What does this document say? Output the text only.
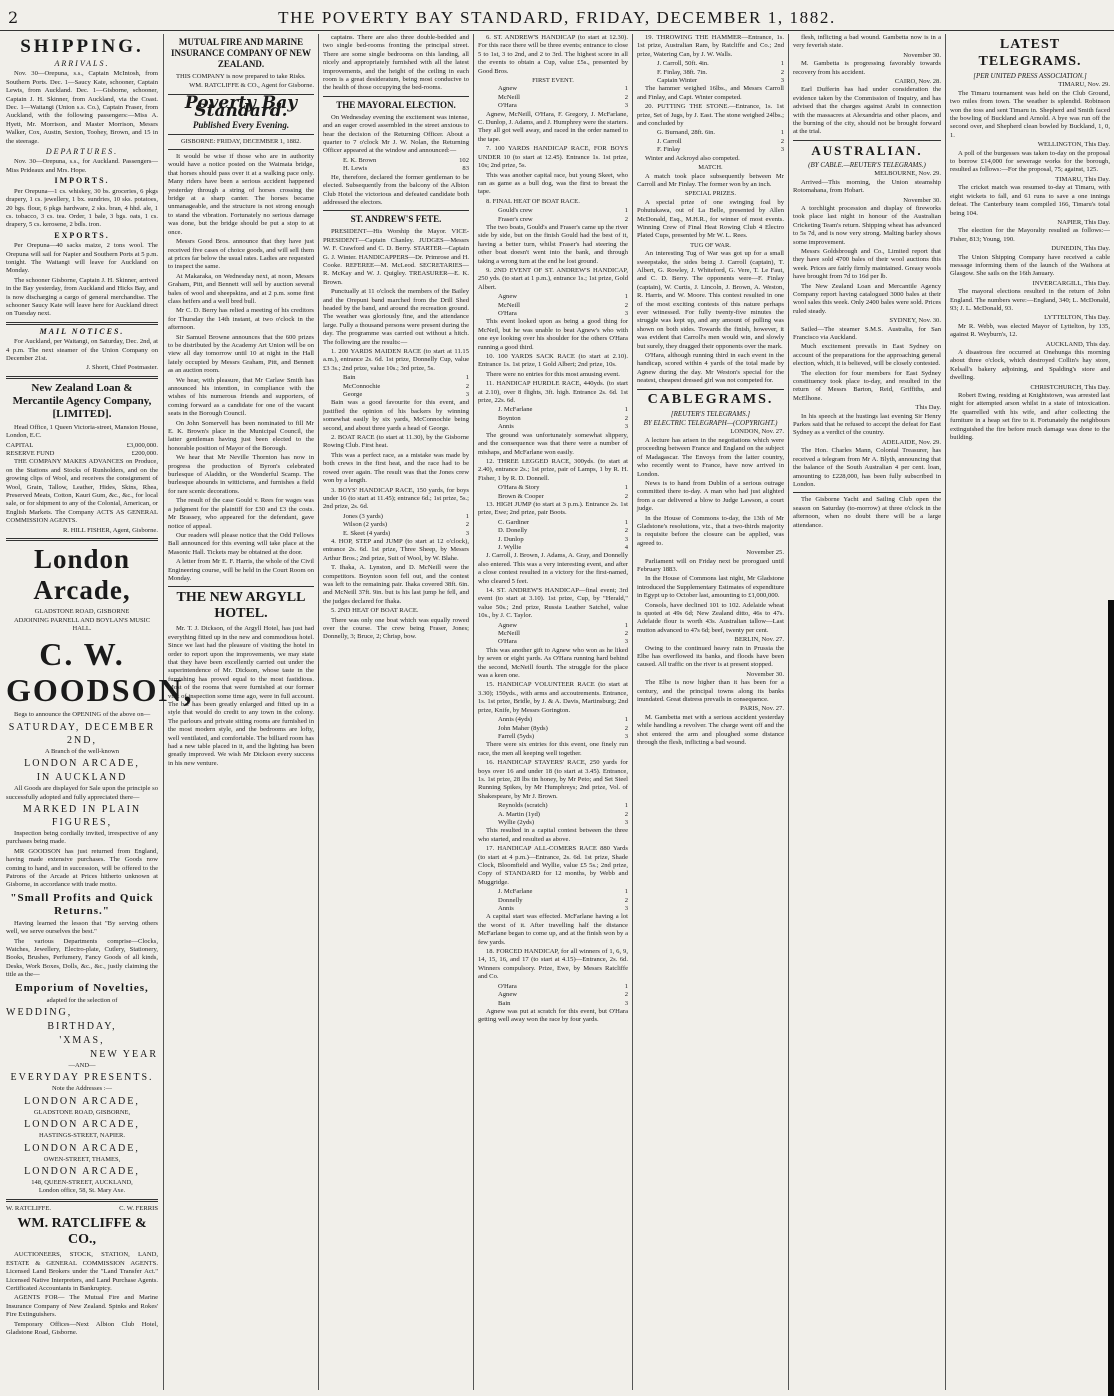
2	THE POVERTY BAY STANDARD, FRIDAY, DECEMBER 1, 1882.
SHIPPING.
ARRIVALS.

Nov. 30—Orepuna, s.s., Captain McIntosh, from Southern Ports. Dec. 1—Saucy Kate, schooner, Captain Lewis, from Auckland. Dec. 1—Gisborne, schooner, Captain J. H. Skinner, from Auckland, via the Coast. Dec. 1—Waitangi (Union s.s. Co.), Captain Fraser, from Auckland, with the following passengers:—Miss A. Hyett, Mr. Morrison, and Master Morrison, Messrs Walker, Cox, Austin, Sexton, Toohey, Brown, and 15 in the steerage.

DEPARTURES.

Nov. 30—Orepuna, s.s., for Auckland. Passengers—Miss Prideaux and Mrs. Hope.

IMPORTS.

Per Orepuna—1 cs. whiskey, 30 bs. groceries, 6 pkgs drapery, 1 cs. jewellery, 1 bx. sundries, 10 sks. potatoes, 20 bgs. flour, 6 pkgs hardware, 2 sks. bran, 4 hhd. ale, 1 cs. tobacco, 3 cs. tea. Order, 1 bale, 3 bgs. oats, 1 cs. drapery, 5 cs. kerosene, 2 bdls. iron.

EXPORTS.

Per Orepuna—40 sacks maize, 2 tons wool. The Orepuna will sail for Napier and Southern Ports at 5 p.m. tonight. The Waitangi will leave for Auckland on Monday.

The schooner Gisborne, Captain J. H. Skinner, arrived in the Bay yesterday, from Auckland and Hicks Bay, and is now discharging a cargo of general merchandise. The schooner Saucy Kate will leave here for Auckland direct on Tuesday next.

MAIL NOTICES.

For Auckland, per Waitangi, on Saturday, Dec. 2nd, at 4 p.m. The next steamer of the Union Company on December 21st.

J. Shortt, Chief Postmaster.
New Zealand Loan & Mercantile Agency Company, [LIMITED].

Head Office, 1 Queen Victoria-street, Mansion House, London, E.C.

CAPITAL	£3,000,000.
RESERVE FUND	£200,000.

THE COMPANY MAKES ADVANCES on Produce, on the Stations and Stocks of Runholders, and on the growing clips of Wool, and receives the consignment of Wool, Grain, Tallow, Leather, Hides, Skins, Rhea, Preserved Meats, Cotton, Kauri Gum, &c., &c., for local sale, or for shipment to any of the Colonial, American, or English Markets. The Company ACTS AS GENERAL COMMISSION AGENTS.

R. HILL FISHER, Agent, Gisborne.
London Arcade,
GLADSTONE ROAD, GISBORNE
ADJOINING PARNELL AND BOYLAN'S MUSIC HALL.
C. W. GOODSON,

Begs to announce the OPENING of the above on—

SATURDAY, DECEMBER 2ND,
A Branch of the well-known
LONDON ARCADE,
IN AUCKLAND

All Goods are displayed for Sale upon the principle so successfully adopted and fully appreciated there—

MARKED IN PLAIN FIGURES,

Inspection being cordially invited, irrespective of any purchases being made.

MR GOODSON has just returned from England, having made extensive purchases. The Goods now coming to hand, and in succession, will be offered to the Patrons of the Arcade at Prices hitherto unknown at Gisborne, in accordance with trade motto.

"Small Profits and Quick Returns."

Having learned the lesson that "By serving others well, we serve ourselves the best."

The various Departments comprise—Clocks, Watches, Jewellery, Electro-plate, Cutlery, Stationery, Books, Brushes, Perfumery, Fancy Goods of all kinds, Desks, Work Boxes, Dolls, &c., &c., justly claiming the title as the—

Emporium of Novelties,
adapted for the selection of
WEDDING,
BIRTHDAY,
'XMAS,
NEW YEAR
—AND—
EVERYDAY PRESENTS.
Note the Addresses :—
LONDON ARCADE,
GLADSTONE ROAD, GISBORNE,
LONDON ARCADE,
HASTINGS-STREET, NAPIER.
LONDON ARCADE,
OWEN-STREET, THAMES,
LONDON ARCADE,
148, QUEEN-STREET, AUCKLAND,
London office, 58, St. Mary Axe.
W. RATCLIFFE.	C. W. FERRIS
WM. RATCLIFFE & CO.,

AUCTIONEERS, STOCK, STATION, LAND, ESTATE & GENERAL COMMISSION AGENTS. Licensed Land Brokers under the "Land Transfer Act." Licensed Native Interpreters, and Land Purchase Agents. Certificated Accountants in Bankruptcy.

AGENTS FOR— The Mutual Fire and Marine Insurance Company of New Zealand. Spinks and Rokes' Fire Extinguishers.

Temporary Offices—Next Albion Club Hotel, Gladstone Road, Gisborne.

MUTUAL FIRE AND MARINE INSURANCE COMPANY OF NEW ZEALAND.

THIS COMPANY is now prepared to take Risks.

WM. RATCLIFFE & CO., Agent for Gisborne.
Poverty Bay Standard.
Published Every Evening.
GISBORNE: FRIDAY, DECEMBER 1, 1882.

It would be wise if those who are in authority would have a notice posted on the Waimata bridge, that horses should pass over it at a walking pace only. Many riders have been a serious accident happened yesterday through a string of horses crossing the bridge at a sharp canter. The horses became unmanageable, and the structure is not strong enough to stand the vibration. Fortunately no serious damage was done, but the bridge should be put a stop to at once.

Messrs Good Bros. announce that they have just received five cases of choice goods, and will sell them at prices far below the usual rates. Ladies are requested to inspect the same.

At Makaraka, on Wednesday next, at noon, Messrs Graham, Pitt, and Bennett will sell by auction several bales of wool and sheepskins, and at 2 p.m. some first class heifers and a well bred bull.

Mr C. D. Berry has relied a meeting of his creditors for Thursday the 14th instant, at two o'clock in the afternoon.

Sir Samuel Browne announces that the 600 prizes to be distributed by the Academy Art Union will be on view all day tomorrow until 10 at night in the Hall lately occupied by Messrs Graham, Pitt, and Bennett as an auction room.

We hear, with pleasure, that Mr Carlaw Smith has announced his intention, in compliance with the wishes of his numerous friends and supporters, of coming forward as a candidate for one of the vacant seats in the Borough Council.

On John Somervell has been nominated to fill Mr E. K. Brown's place in the Municipal Council, the latter gentleman having just been elected to the honorable position of Mayor of the Borough.

We hear that Mr Neville Thornton has now in progress the production of Byron's celebrated burlesque of Aladdin, or the Wonderful Scamp. The burlesque abounds in witticisms, and furnishes a field for rare scenic decorations.

The result of the case Gould v. Rees for wages was a judgment for the plaintiff for £30 and £3 the costs. Mr Brassey, who appeared for the defendant, gave notice of appeal.

Our readers will please notice that the Odd Fellows Ball announced for this evening will take place at the Masonic Hall. Tickets may be obtained at the door.

A letter from Mr E. F. Harris, the whole of the Civil Engineering course, will be held in the Court Room on Monday.

THE NEW ARGYLL HOTEL.

Mr. T. J. Dickson, of the Argyll Hotel, has just had everything fitted up in the new and commodious hotel. Since we last had the pleasure of visiting the hotel in order to report upon the improvements, we may state that they have been excellently carried out under the superintendence of Mr. Dickson, whose taste in the furnishing has proved equal to the most fastidious. Most of the rooms that were furnished at our former visit of inspection some time ago, were in full account. The bar has been greatly enlarged and fitted up in a style that would do credit to any town in the colony. The parlours and private sitting rooms are furnished in the most modern style, and the bedrooms are lofty, well ventilated, and comfortable. The billiard room has had a new table placed in it, and the lighting has been greatly improved. We wish Mr Dickson every success in his new venture.

captains. There are also three double-bedded and two single bed-rooms fronting the principal street. There are some single bedrooms on this landing, all nicely and appropriately furnished with all the latest improvements, and the height of the ceiling in each room is a great desideratum, being most conducive to the health of those occupying the bed-rooms.

THE MAYORAL ELECTION.

On Wednesday evening the excitement was intense, and an eager crowd assembled in the street anxious to hear the decision of the Returning Officer. About a quarter to 7 o'clock Mr J. W. Nolan, the Returning Officer appeared at the window and announced:—

E. K. Brown	102
H. Lewis	83

He, therefore, declared the former gentleman to be elected. Subsequently from the balcony of the Albion Club Hotel the victorious and defeated candidate both addressed the electors.

ST. ANDREW'S FETE.

PRESIDENT—His Worship the Mayor. VICE-PRESIDENT—Captain Chanley. JUDGES—Messrs W. F. Crawford and C. D. Berry. STARTER—Captain G. J. Winter. HANDICAPPERS—Dr. Primrose and H. Cooke. REFEREE—M. McLeod. SECRETARIES—R. McKay and W. J. Quigley. TREASURER—E. K. Brown.

Punctually at 11 o'clock the members of the Bailey and the Orepuni band marched from the Drill Shed headed by the band, and around the recreation ground. The weather was gloriously fine, and the attendance large. Fully a thousand persons were present during the day. The programme was carried out without a hitch. The following are the results:—

1. 200 YARDS MAIDEN RACE (to start at 11.15 a.m.), entrance 2s. 6d. 1st prize, Donnelly Cup, value £3 3s.; 2nd prize, value 10s.; 3rd prize, 5s.

Bain	1
McConnochie	2
George	3

Bain was a good favourite for this event, and justified the opinion of his backers by winning somewhat easily by six yards, McConnochie being second, and about three yards a head of George.

2. BOAT RACE (to start at 11.30), by the Gisborne Rowing Club. First heat.

This was a perfect race, as a mistake was made by both crews in the first heat, and the race had to be rowed over again. The result was that the Jones crew won by a length.

3. BOYS' HANDICAP RACE, 150 yards, for boys under 16 (to start at 11.45); entrance 6d.; 1st prize, 5s.; 2nd prize, 2s. 6d.

Jones (3 yards)	1
Wilson (2 yards)	2
E. Skeet (4 yards)	3

4. HOP, STEP and JUMP (to start at 12 o'clock), entrance 2s. 6d. 1st prize, Three Sheep, by Messrs Arthur Bros.; 2nd prize, Suit of Wool, by W. Blahe.

T. Ihaka, A. Lynston, and D. McNeill were the competitors. Boynton soon fell out, and the contest was left to the remaining pair. Ihaka covered 38ft. 6in. and McNeill 37ft. 9in. but is his last jump he fell, and the judges declared for Ihaka.

5. 2ND HEAT OF BOAT RACE.

There was only one boat which was equally rowed over the course. The crew being Fraser, Jones; Donnelly, 3; Bruce, 2; Chrisp, bow.

6. ST. ANDREW'S HANDICAP (to start at 12.30). For this race there will be three events; entrance to close 5 to 1st, 3 to 2nd, and 2 to 3rd. The highest score in all the events to obtain a Cup, value £5s., presented by Good Bros.

FIRST EVENT.
Agnew	1
McNeill	2
O'Hara	3

Agnew, McNeill, O'Hara, F. Gregory, J. McFarlane, C. Dunlop, J. Adams, and J. Humphrey were the starters. They all got well away, and raced in the order named to the tape.

7. 100 YARDS HANDICAP RACE, FOR BOYS UNDER 10 (to start at 12.45). Entrance 1s. 1st prize, 10s; 2nd prize, 5s.

This was another capital race, but young Skeet, who ran as game as a bull dog, was the first to breast the tape.

8. FINAL HEAT OF BOAT RACE.

Gould's crew	1
Fraser's crew	2

The two boats, Gould's and Fraser's came up the river side by side, but on the finish Gould had the best of it, having a better turn, whilst Fraser's had steering the other boat doesn't went into the bank, and through taking a wrong turn at the end he lost ground.

9. 2ND EVENT OF ST. ANDREW'S HANDICAP, 250 yds. (to start at 1 p.m.), entrance 1s.; 1st prize, Gold Albert.

Agnew	1
McNeill	2
O'Hara	3

This event looked upon as being a good thing for McNeil, but he was unable to beat Agnew's who with one eye looking over his shoulder for the others O'Hara running a good third.

10. 100 YARDS SACK RACE (to start at 2.10). Entrance 1s. 1st prize, 1 Gold Albert; 2nd prize, 10s.

There were no entries for this most amusing event.

11. HANDICAP HURDLE RACE, 440yds. (to start at 2.10), over 8 flights, 3ft. high. Entrance 2s. 6d. 1st prize, 22s. 6d.

J. McFarlane	1
Boynton	2
Annis	3

The ground was unfortunately somewhat slippery, and the consequence was that there were a number of mishaps, and McFarlane won easily.

12. THREE LEGGED RACE, 300yds. (to start at 2.40), entrance 2s.; 1st prize, pair of Lamps, 1 by R. H. Fisher, 1 by R. D. Donnell.

O'Hara & Story	1
Brown & Cooper	2

13. HIGH JUMP (to start at 3 p.m.). Entrance 2s. 1st prize, Ewe; 2nd prize, pair Boots.

C. Gardiner	1
D. Donelly	2
J. Dunlop	3
J. Wyllie	4

J. Carroll, J. Brown, J. Adams, A. Gray, and Donnelly also entered. This was a very interesting event, and after a close contest resulted in a victory for the first-named, who cleared 5 feet.

14. ST. ANDREW'S HANDICAP—final event; 3rd event (to start at 3.10). 1st prize, Cup, by "Herald," value 50s.; 2nd prize, Russia Leather Satchel, value 10s., by J. C. Taylor.

Agnew	1
McNeill	2
O'Hara	3

This was another gift to Agnew who won as he liked by seven or eight yards. As O'Hara running hard behind the second, McNeill fourth. The struggle for the place was a keen one.

15. HANDICAP VOLUNTEER RACE (to start at 3.30); 150yds., with arms and accoutrements. Entrance, 1s. 1st prize, Bridle, by J. & A. Davis, Martinsburg; 2nd prize, Knife, by Messrs Gorington.

Annis (4yds)	1
John Maher (8yds)	2
Farrell (5yds)	3

There were six entries for this event, one finely run race, the men all keeping well together.

16. HANDICAP STAYERS' RACE, 250 yards for boys over 16 and under 18 (to start at 3.45). Entrance, 1s. 1st prize, 28 lbs tin honey, by Mr Peto; and Set Steel Running Spikes, by Mr Humphreys; 2nd prize, Vol. of Shakespeare, by Mr J. Brown.

Reynolds (scratch)	1
A. Martin (1yd)	2
Wyllie (2yds)	3

This resulted in a capital contest between the three who started, and resulted as above.

17. HANDICAP ALL-COMERS RACE 880 Yards (to start at 4 p.m.)—Entrance, 2s. 6d. 1st prize, Shade Clock, Bloomfield and Wyllie, value £5 5s.; 2nd prize, Copy of STANDARD for 12 months, by Webb and Muggridge.

J. McFarlane	1
Donnelly	2
Annis	3

A capital start was effected. McFarlane having a lot the worst of it. After travelling half the distance McFarlane began to come up, and at the finish won by a few yards.

18. FORCED HANDICAP, for all winners of 1, 6, 9, 14, 15, 16, and 17 (to start at 4.15)—Entrance, 2s. 6d. Winners compulsory. Prize, Ewe, by Messrs Ratcliffe and Co.

O'Hara	1
Agnew	2
Bain	3

Agnew was put at scratch for this event, but O'Hara getting well away won the race by four yards.

19. THROWING THE HAMMER—Entrance, 1s. 1st prize, Australian Ram, by Ratcliffe and Co.; 2nd prize, Watering Can, by J. W. Walls.

J. Carroll, 50ft. 4in.	1
F. Finlay, 38ft. 7in.	2
Captain Winter	3

The hammer weighed 16lbs., and Messrs Carroll and Finlay, and Capt. Winter competed.

20. PUTTING THE STONE.—Entrance, 1s. 1st prize, Set of Jugs, by J. East. The stone weighed 24lbs.; and concluded by

G. Burnand, 28ft. 6in.	1
J. Carroll	2
F. Finlay	3

Winter and Ackroyd also competed.

MATCH.

A match took place subsequently between Mr Carroll and Mr Finlay. The former won by an inch.

SPECIAL PRIZES.

A special prize of one swinging foal by Pohutukawa, out of La Belle, presented by Allen McDonald, Esq., M.H.R., for winner of most events. Winning Crew of Final Heat Rowing Club 4 Electro Plated Cups, presented by Mr W. L. Rees.

TUG OF WAR.

An interesting Tug of War was got up for a small sweepstake, the sides being J. Carroll (captain), T. Albert, G. Rowley, J. Whiteford, G. Vere, T. Le Faut, and C. D. Berry. The opponents were—F. Finlay (captain), W. Curtis, J. Lincoln, J. Brown, A. Weston, R. Harris, and W. Moore. This contest resulted in one of the most exciting contests of this nature perhaps ever witnessed. For fully twenty-five minutes the struggle was kept up, and any amount of pulling was shown on both sides. Towards the finish, however, it was evident that Carroll's men would win, and slowly but surely, they dragged their opponents over the mark.

O'Hara, although running third in each event in the handicap, scored within 4 yards of the total made by Agnew during the day. Mr Weston's special for the neatest, cheapest dressed girl was not competed for.

CABLEGRAMS.
[REUTER'S TELEGRAMS.]
BY ELECTRIC TELEGRAPH—(COPYRIGHT.)
LONDON, Nov. 27.

A lecture has arisen in the negotiations which were proceeding between France and England on the subject of Madagascar. The Envoys from the latter country, who recently went to France, have now arrived in London.

News is to hand from Dublin of a serious outrage committed there to-day. A man who had just alighted from a car delivered a blow to Judge Lawson, a court judge.

In the House of Commons to-day, the 13th of Mr Gladstone's resolutions, viz., that a two-thirds majority is requisite before the closure can be applied, was agreed to.

November 25.

Parliament will on Friday next be prorogued until February 1883.

In the House of Commons last night, Mr Gladstone introduced the Supplementary Estimates of expenditure in Egypt up to October last, amounting to £1,000,000.

Consols, have declined 101 to 102. Adelaide wheat is quoted at 49s 6d; New Zealand ditto, 46s to 47s. Adelaide flour is worth 43s. Australian tallow—Last mutton advanced to 47s 6d; beef, twenty per cent.

BERLIN, Nov. 27.

Owing to the continued heavy rain in Prussia the Elbe has overflowed its banks, and floods have been caused. All traffic on the river is at present stopped.

November 30.

The Elbe is now higher than it has been for a century, and the principal towns along its banks inundated. Great distress prevails in consequence.

PARIS, Nov. 27.

M. Gambetta met with a serious accident yesterday while handling a revolver. The charge went off and the shot entered the arm and ploughed some distance through the flesh, inflicting a bad wound.

flesh, inflicting a bad wound. Gambetta now is in a very feverish state.

November 30.

M. Gambetta is progressing favorably towards recovery from his accident.

CAIRO, Nov. 28.

Earl Dufferin has had under consideration the evidence taken by the Commission of Inquiry, and has advised that the charges against Arabi in connection with the massacres at Alexandria and other places, and the burning of the city, should not be brought forward at the trial.

AUSTRALIAN.
(BY CABLE.—REUTER'S TELEGRAMS.)
MELBOURNE, Nov. 29.

Arrived—This morning, the Union steamship Rotomahana, from Hobart.

November 30.

A torchlight procession and display of fireworks took place last night in honour of the Australian Cricketing Team's return. Shipping wheat has advanced to 5s 7d, and is now very strong. Malting barley shows some improvement.

Messrs Goldsbrough and Co., Limited report that they have sold 4700 bales of their wool auctions this week. Prices are fairly firmly maintained. Greasy wools have brought from 7d to 16d per lb.

The New Zealand Loan and Mercantile Agency Company report having catalogued 3000 bales at their wool sales this week. Only 2400 bales were sold. Prices ruled steady.

SYDNEY, Nov. 30.

Sailed—The steamer S.M.S. Australia, for San Francisco via Auckland.

Much excitement prevails in East Sydney on account of the preparations for the approaching general election, which, it is believed, will be closely contested.

The election for four members for East Sydney constituency took place to-day, and resulted in the return of Messrs Barton, Reid, Griffiths, and McElhone.

This Day.

In his speech at the hustings last evening Sir Henry Parkes said that he refused to accept the defeat for East Sydney as a verdict of the country.

ADELAIDE, Nov. 29.

The Hon. Charles Mann, Colonial Treasurer, has received a telegram from Mr A. Blyth, announcing that the balance of the South Australian 4 per cent. loan, amounting to £228,000, has been fully subscribed in London.

The Gisborne Yacht and Sailing Club open the season on Saturday (to-morrow) at three o'clock in the afternoon, when no doubt there will be a large attendance.

LATEST TELEGRAMS.
[PER UNITED PRESS ASSOCIATION.]
TIMARU, Nov. 29.

The Timaru tournament was held on the Club Ground, two miles from town. The weather is splendid. Robinson won the toss and sent Timaru in. Shepherd and Smith faced the bowling of Buckland and Arnold. A bye was run off the second over, and Shepherd clean bowled by Buckland, 1, 0, 1.

WELLINGTON, This Day.

A poll of the burgesses was taken to-day on the proposal to borrow £14,000 for sewerage works for the borough, resulted as follows:—For the proposal, 75; against, 125.

TIMARU, This Day.

The cricket match was resumed to-day at Timaru, with eight wickets to fall, and 61 runs to save a one innings defeat. The Canterbury team compiled 166, Timaru's total being 104.

NAPIER, This Day.

The election for the Mayoralty resulted as follows:—Fisher, 813; Young, 190.

DUNEDIN, This Day.

The Union Shipping Company have received a cable message informing them of the launch of the Waihora at Glasgow. She sails on the 16th January.

INVERCARGILL, This Day.

The mayoral elections resulted in the return of John England. The numbers were:—England, 340; L. McDonald, 93; J. L. McDonald, 93.

LYTTELTON, This Day.

Mr R. Webb, was elected Mayor of Lyttelton, by 135, against R. Weyburn's, 12.

AUCKLAND, This day.

A disastrous fire occurred at Onehunga this morning about three o'clock, which destroyed Collin's hay store, Kelsall's bakery adjoining, and Spalding's store and dwelling.

CHRISTCHURCH, This Day.

Robert Ewing, residing at Knightstown, was arrested last night for attempted arson whilst in a state of intoxication. He quarrelled with his wife, and after collecting the furniture in a heap set fire to it. Fortunately the neighbours extinguished the fire before much damage was done to the building.
